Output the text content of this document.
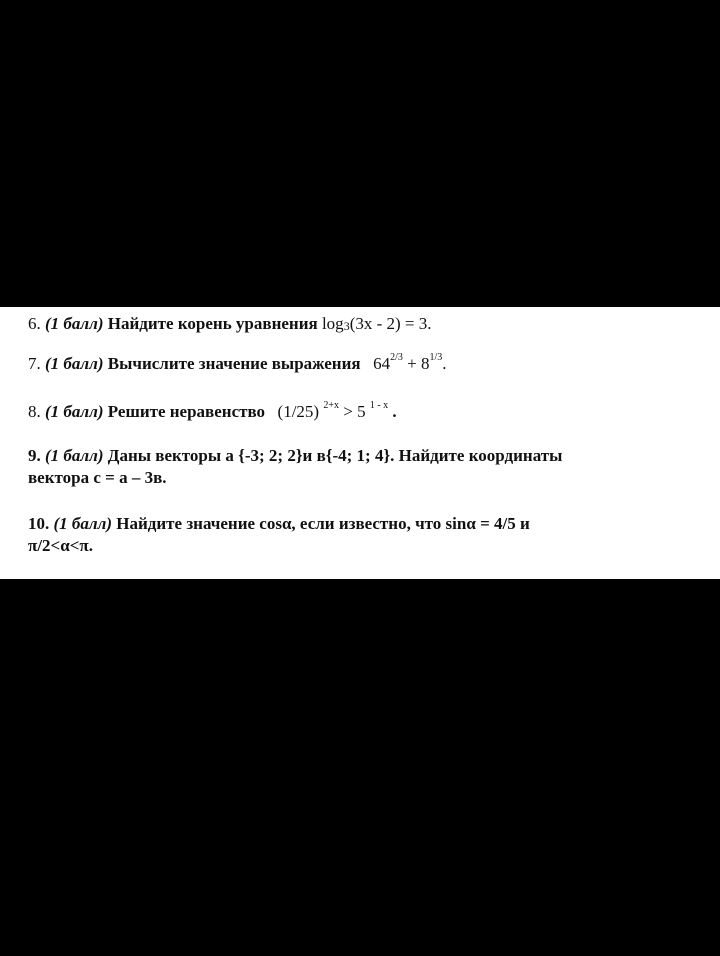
6. (1 балл) Найдите корень уравнения $\log_3(3x - 2) = 3$.
7. (1 балл) Вычислите значение выражения $64^{2/3} + 8^{1/3}$.
8. (1 балл) Решите неравенство (1/25) $^{2+x}$ > 5 $^{1 - x}$ .
9. (1 балл) Даны векторы а {-3; 2; 2}и в{-4; 1; 4}. Найдите координаты
вектора с = а – 3в.
10. (1 балл) Найдите значение cosα, если известно, что sinα = 4/5 и
π/2<α<π.
